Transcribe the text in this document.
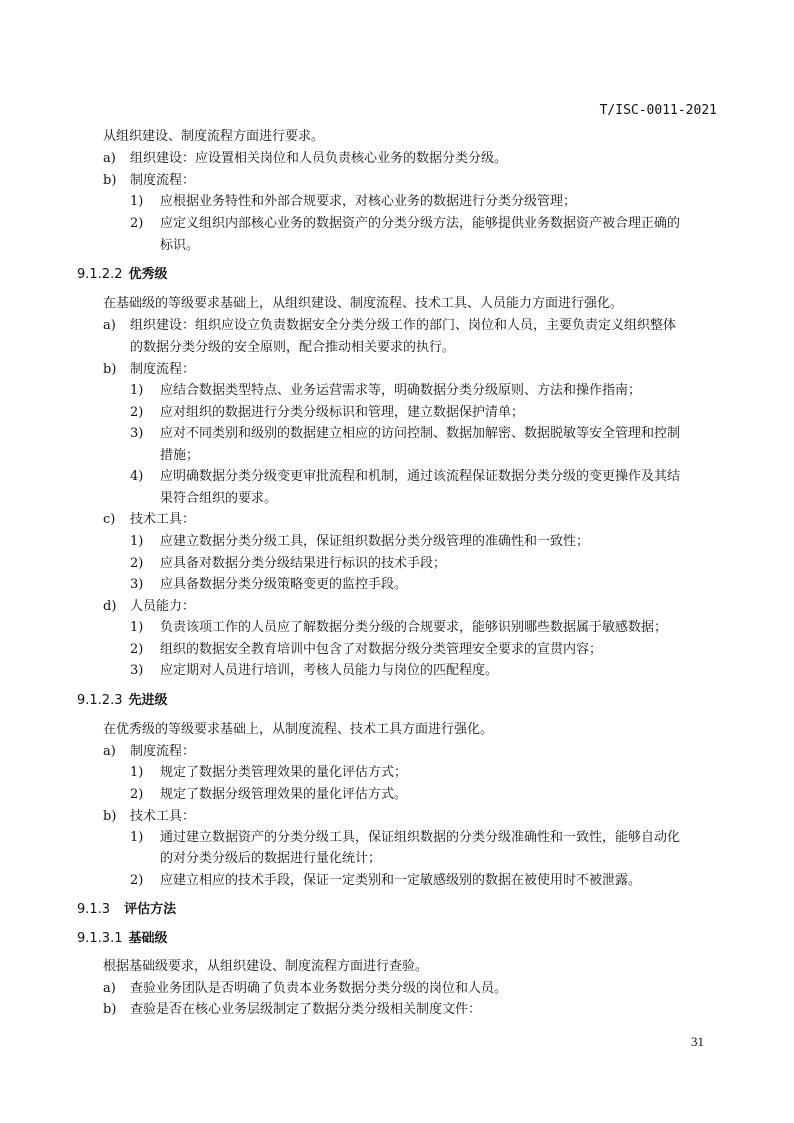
T/ISC-0011-2021
从组织建设、制度流程方面进行要求。
a) 组织建设：应设置相关岗位和人员负责核心业务的数据分类分级。
b) 制度流程：
1) 应根据业务特性和外部合规要求，对核心业务的数据进行分类分级管理；
2) 应定义组织内部核心业务的数据资产的分类分级方法，能够提供业务数据资产被合理正确的
标识。
9.1.2.2 优秀级
在基础级的等级要求基础上，从组织建设、制度流程、技术工具、人员能力方面进行强化。
a) 组织建设：组织应设立负责数据安全分类分级工作的部门、岗位和人员，主要负责定义组织整体
的数据分类分级的安全原则，配合推动相关要求的执行。
b) 制度流程：
1) 应结合数据类型特点、业务运营需求等，明确数据分类分级原则、方法和操作指南；
2) 应对组织的数据进行分类分级标识和管理，建立数据保护清单；
3) 应对不同类别和级别的数据建立相应的访问控制、数据加解密、数据脱敏等安全管理和控制
措施；
4) 应明确数据分类分级变更审批流程和机制，通过该流程保证数据分类分级的变更操作及其结
果符合组织的要求。
c) 技术工具：
1) 应建立数据分类分级工具，保证组织数据分类分级管理的准确性和一致性；
2) 应具备对数据分类分级结果进行标识的技术手段；
3) 应具备数据分类分级策略变更的监控手段。
d) 人员能力：
1) 负责该项工作的人员应了解数据分类分级的合规要求，能够识别哪些数据属于敏感数据；
2) 组织的数据安全教育培训中包含了对数据分级分类管理安全要求的宣贯内容；
3) 应定期对人员进行培训，考核人员能力与岗位的匹配程度。
9.1.2.3 先进级
在优秀级的等级要求基础上，从制度流程、技术工具方面进行强化。
a) 制度流程：
1) 规定了数据分类管理效果的量化评估方式；
2) 规定了数据分级管理效果的量化评估方式。
b) 技术工具：
1) 通过建立数据资产的分类分级工具，保证组织数据的分类分级准确性和一致性，能够自动化
的对分类分级后的数据进行量化统计；
2) 应建立相应的技术手段，保证一定类别和一定敏感级别的数据在被使用时不被泄露。
9.1.3 评估方法
9.1.3.1 基础级
根据基础级要求，从组织建设、制度流程方面进行查验。
a) 查验业务团队是否明确了负责本业务数据分类分级的岗位和人员。
b) 查验是否在核心业务层级制定了数据分类分级相关制度文件：
31
